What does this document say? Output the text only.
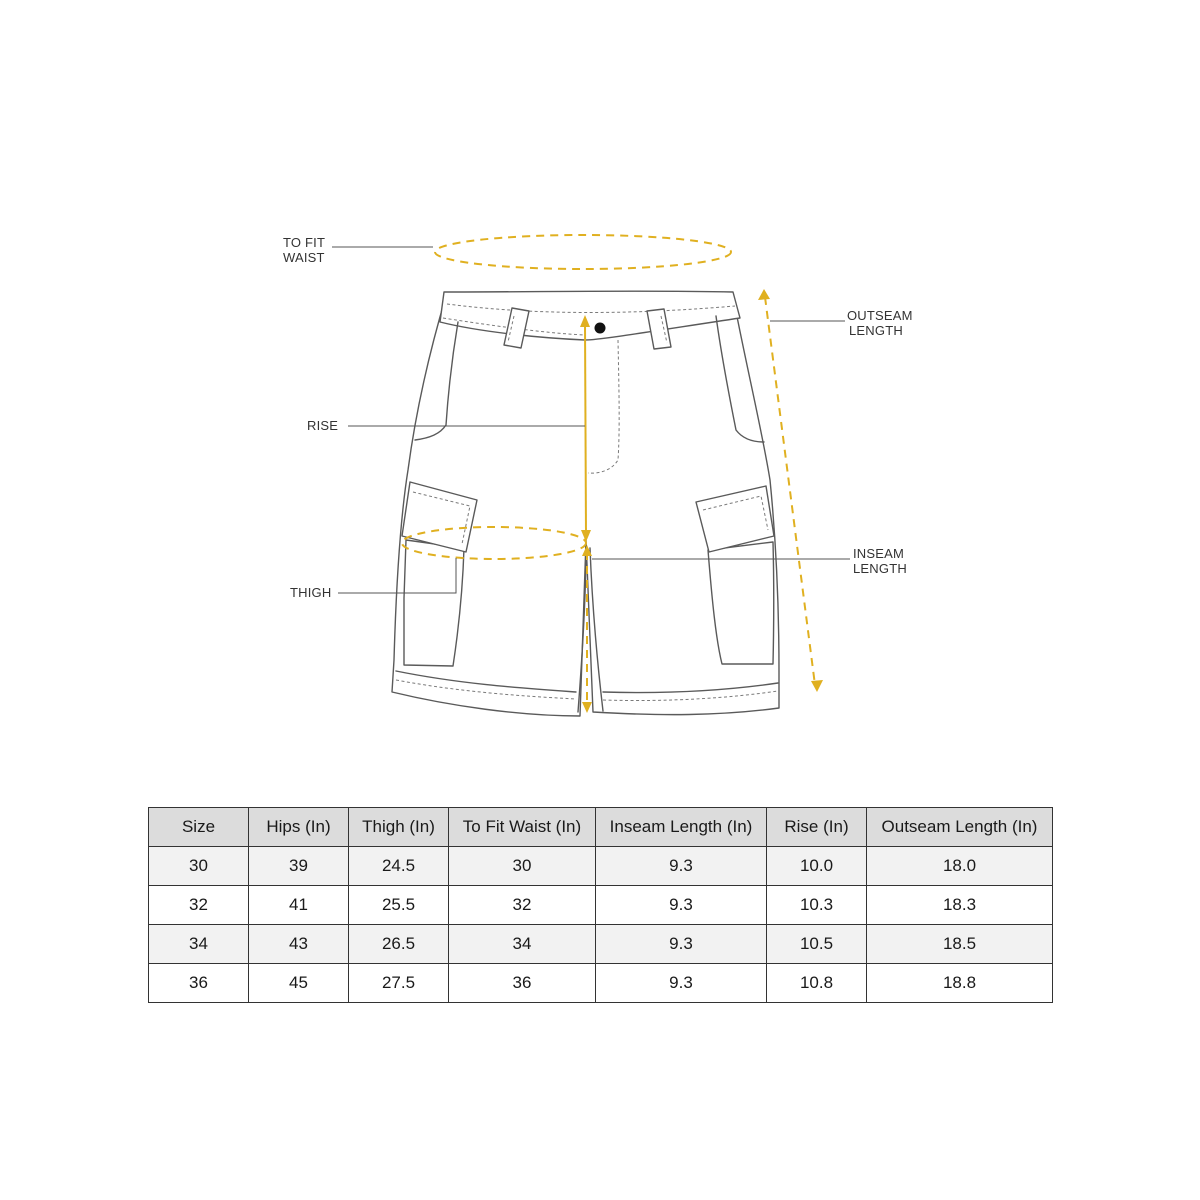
TO FIT WAIST
OUTSEAM LENGTH
RISE
INSEAM LENGTH
THIGH
Size	Hips (In)	Thigh (In)	To Fit Waist (In)	Inseam Length (In)	Rise (In)	Outseam Length (In)
30	39	24.5	30	9.3	10.0	18.0
32	41	25.5	32	9.3	10.3	18.3
34	43	26.5	34	9.3	10.5	18.5
36	45	27.5	36	9.3	10.8	18.8
